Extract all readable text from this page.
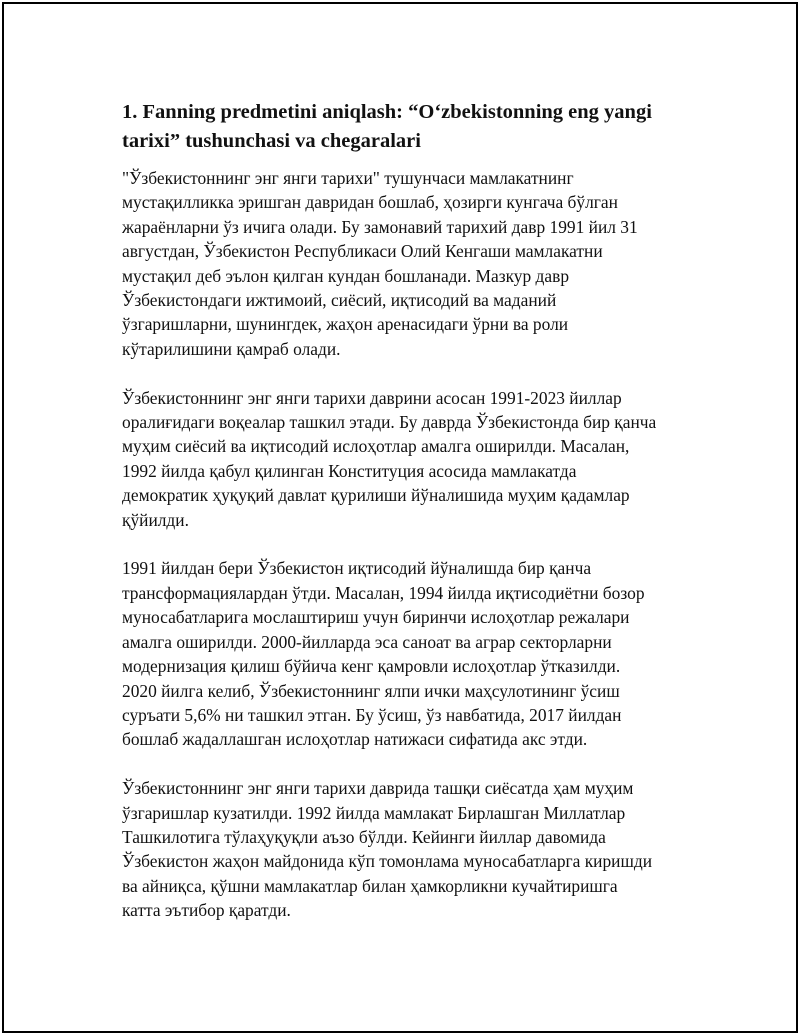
1. Fanning predmetini aniqlash: “O‘zbekistonning eng yangi
tarixi” tushunchasi va chegaralari

"Ўзбекистоннинг энг янги тарихи" тушунчаси мамлакатнинг
мустақилликка эришган давридан бошлаб, ҳозирги кунгача бўлган
жараёнларни ўз ичига олади. Бу замонавий тарихий давр 1991 йил 31
августдан, Ўзбекистон Республикаси Олий Кенгаши мамлакатни
мустақил деб эълон қилган кундан бошланади. Мазкур давр
Ўзбекистондаги ижтимоий, сиёсий, иқтисодий ва маданий
ўзгаришларни, шунингдек, жаҳон аренасидаги ўрни ва роли
кўтарилишини қамраб олади.

Ўзбекистоннинг энг янги тарихи даврини асосан 1991-2023 йиллар
оралиғидаги воқеалар ташкил этади. Бу даврда Ўзбекистонда бир қанча
муҳим сиёсий ва иқтисодий ислоҳотлар амалга оширилди. Масалан,
1992 йилда қабул қилинган Конституция асосида мамлакатда
демократик ҳуқуқий давлат қурилиши йўналишида муҳим қадамлар
қўйилди.

1991 йилдан бери Ўзбекистон иқтисодий йўналишда бир қанча
трансформациялардан ўтди. Масалан, 1994 йилда иқтисодиётни бозор
муносабатларига мослаштириш учун биринчи ислоҳотлар режалари
амалга оширилди. 2000-йилларда эса саноат ва аграр секторларни
модернизация қилиш бўйича кенг қамровли ислоҳотлар ўтказилди.
2020 йилга келиб, Ўзбекистоннинг ялпи ички маҳсулотининг ўсиш
суръати 5,6% ни ташкил этган. Бу ўсиш, ўз навбатида, 2017 йилдан
бошлаб жадаллашган ислоҳотлар натижаси сифатида акс этди.

Ўзбекистоннинг энг янги тарихи даврида ташқи сиёсатда ҳам муҳим
ўзгаришлар кузатилди. 1992 йилда мамлакат Бирлашган Миллатлар
Ташкилотига тўлаҳуқуқли аъзо бўлди. Кейинги йиллар давомида
Ўзбекистон жаҳон майдонида кўп томонлама муносабатларга киришди
ва айниқса, қўшни мамлакатлар билан ҳамкорликни кучайтиришга
катта эътибор қаратди.
